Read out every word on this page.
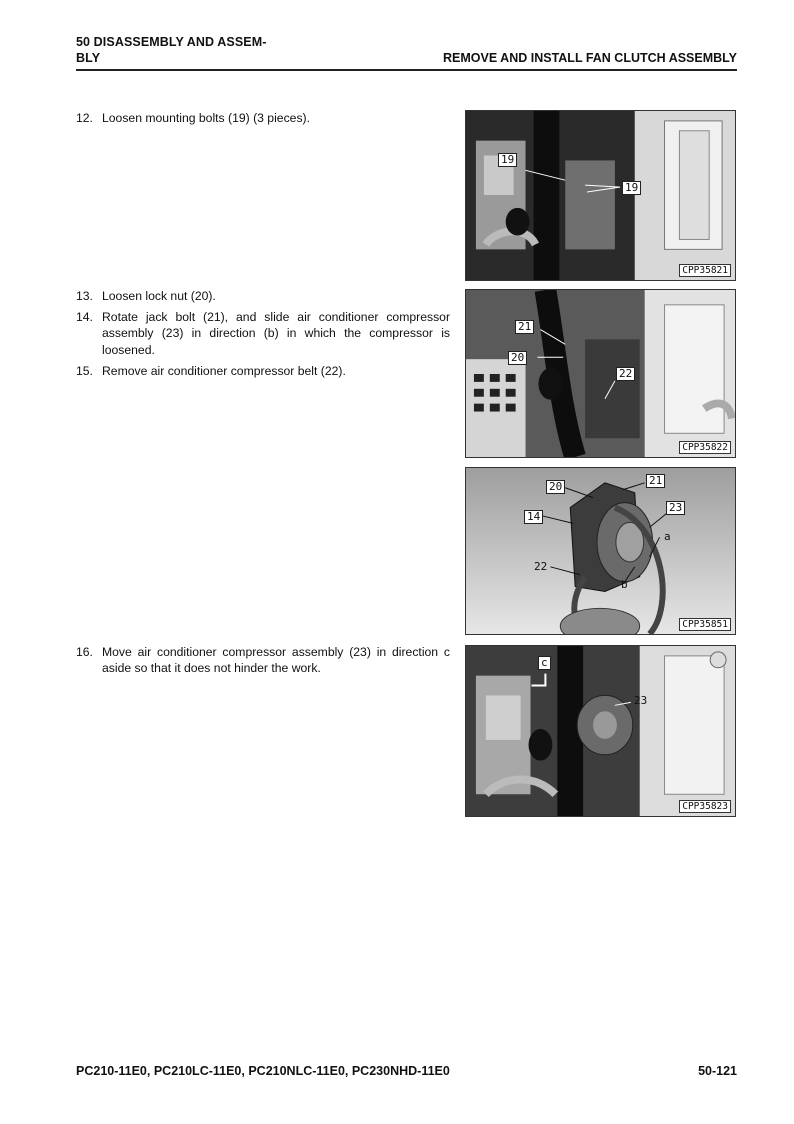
50 DISASSEMBLY AND ASSEM-
BLY	REMOVE AND INSTALL FAN CLUTCH ASSEMBLY
12. Loosen mounting bolts (19) (3 pieces).
13. Loosen lock nut (20).
14. Rotate jack bolt (21), and slide air conditioner compressor assembly (23) in direction (b) in which the compressor is loosened.
15. Remove air conditioner compressor belt (22).
16. Move air conditioner compressor assembly (23) in direction c aside so that it does not hinder the work.
19
19
CPP35821
21
20
22
CPP35822
20	21
14
23
a
22
b
CPP35851
c
23
CPP35823
PC210-11E0, PC210LC-11E0, PC210NLC-11E0, PC230NHD-11E0	50-121
